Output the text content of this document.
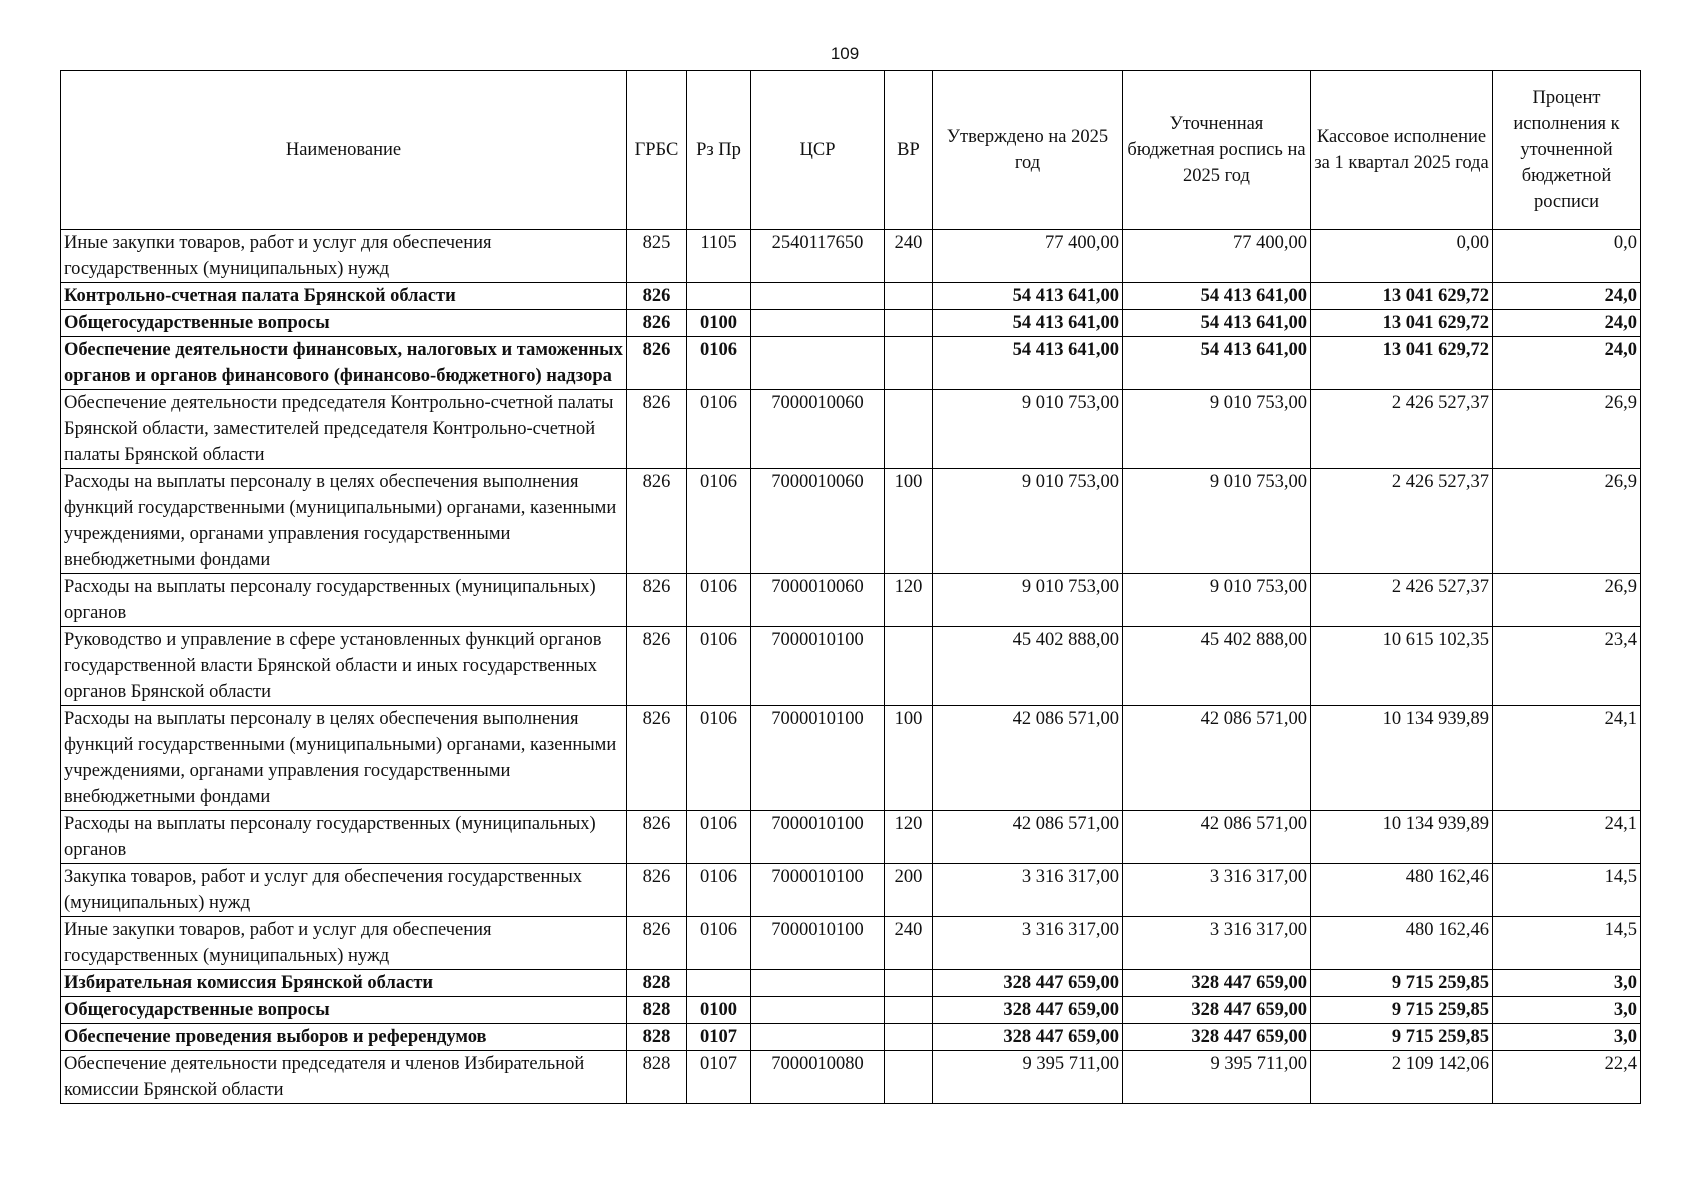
109
Наименование	ГРБС	Рз Пр	ЦСР	ВР	Утверждено на 2025 год	Уточненная бюджетная роспись на 2025 год	Кассовое исполнение за 1 квартал 2025 года	Процент исполнения к уточненной бюджетной росписи
Иные закупки товаров, работ и услуг для обеспечения государственных (муниципальных) нужд	825	1105	2540117650	240	77 400,00	77 400,00	0,00	0,0
Контрольно-счетная палата Брянской области	826				54 413 641,00	54 413 641,00	13 041 629,72	24,0
Общегосударственные вопросы	826	0100			54 413 641,00	54 413 641,00	13 041 629,72	24,0
Обеспечение деятельности финансовых, налоговых и таможенных органов и органов финансового (финансово-бюджетного) надзора	826	0106			54 413 641,00	54 413 641,00	13 041 629,72	24,0
Обеспечение деятельности председателя Контрольно-счетной палаты Брянской области, заместителей председателя Контрольно-счетной палаты Брянской области	826	0106	7000010060		9 010 753,00	9 010 753,00	2 426 527,37	26,9
Расходы на выплаты персоналу в целях обеспечения выполнения функций государственными (муниципальными) органами, казенными учреждениями, органами управления государственными внебюджетными фондами	826	0106	7000010060	100	9 010 753,00	9 010 753,00	2 426 527,37	26,9
Расходы на выплаты персоналу государственных (муниципальных) органов	826	0106	7000010060	120	9 010 753,00	9 010 753,00	2 426 527,37	26,9
Руководство и управление в сфере установленных функций органов государственной власти Брянской области и иных государственных органов Брянской области	826	0106	7000010100		45 402 888,00	45 402 888,00	10 615 102,35	23,4
Расходы на выплаты персоналу в целях обеспечения выполнения функций государственными (муниципальными) органами, казенными учреждениями, органами управления государственными внебюджетными фондами	826	0106	7000010100	100	42 086 571,00	42 086 571,00	10 134 939,89	24,1
Расходы на выплаты персоналу государственных (муниципальных) органов	826	0106	7000010100	120	42 086 571,00	42 086 571,00	10 134 939,89	24,1
Закупка товаров, работ и услуг для обеспечения государственных (муниципальных) нужд	826	0106	7000010100	200	3 316 317,00	3 316 317,00	480 162,46	14,5
Иные закупки товаров, работ и услуг для обеспечения государственных (муниципальных) нужд	826	0106	7000010100	240	3 316 317,00	3 316 317,00	480 162,46	14,5
Избирательная комиссия Брянской области	828				328 447 659,00	328 447 659,00	9 715 259,85	3,0
Общегосударственные вопросы	828	0100			328 447 659,00	328 447 659,00	9 715 259,85	3,0
Обеспечение проведения выборов и референдумов	828	0107			328 447 659,00	328 447 659,00	9 715 259,85	3,0
Обеспечение деятельности председателя и членов Избирательной комиссии Брянской области	828	0107	7000010080		9 395 711,00	9 395 711,00	2 109 142,06	22,4
